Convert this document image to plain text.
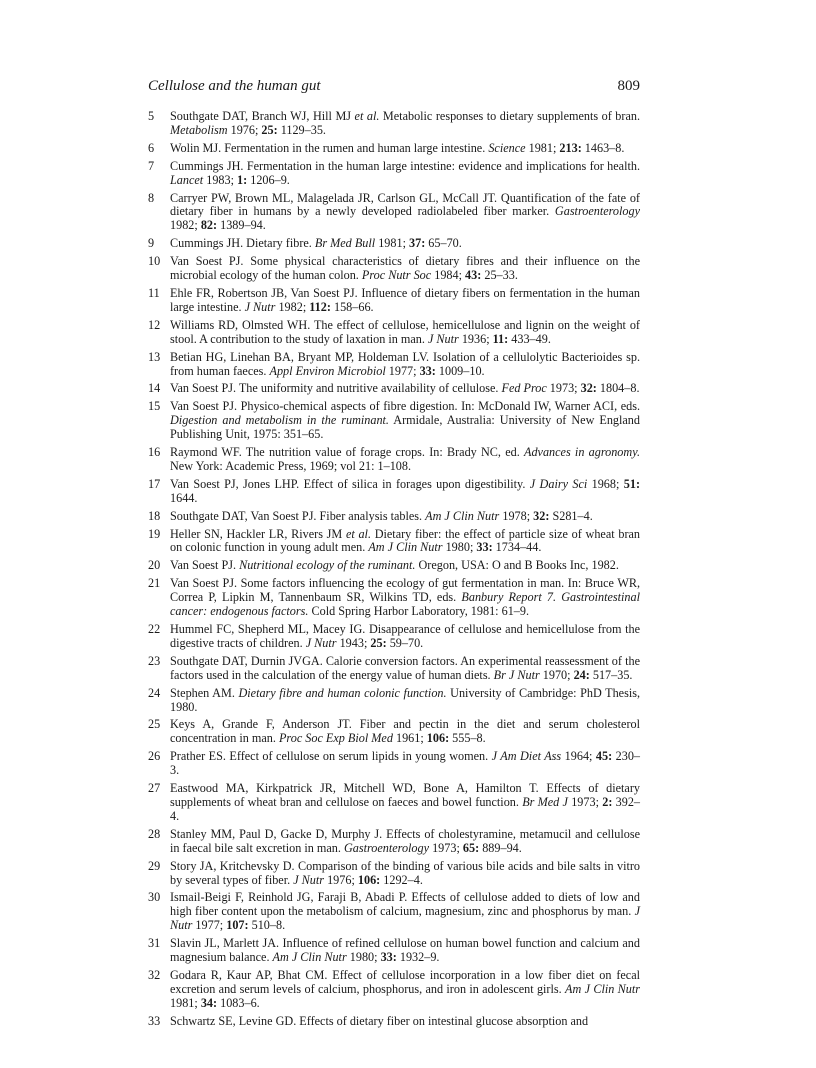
Cellulose and the human gut	809
5	Southgate DAT, Branch WJ, Hill MJ et al. Metabolic responses to dietary supplements of bran. Metabolism 1976; 25: 1129–35.
6	Wolin MJ. Fermentation in the rumen and human large intestine. Science 1981; 213: 1463–8.
7	Cummings JH. Fermentation in the human large intestine: evidence and implications for health. Lancet 1983; 1: 1206–9.
8	Carryer PW, Brown ML, Malagelada JR, Carlson GL, McCall JT. Quantification of the fate of dietary fiber in humans by a newly developed radiolabeled fiber marker. Gastroenterology 1982; 82: 1389–94.
9	Cummings JH. Dietary fibre. Br Med Bull 1981; 37: 65–70.
10 Van Soest PJ. Some physical characteristics of dietary fibres and their influence on the microbial ecology of the human colon. Proc Nutr Soc 1984; 43: 25–33.
11 Ehle FR, Robertson JB, Van Soest PJ. Influence of dietary fibers on fermentation in the human large intestine. J Nutr 1982; 112: 158–66.
12 Williams RD, Olmsted WH. The effect of cellulose, hemicellulose and lignin on the weight of stool. A contribution to the study of laxation in man. J Nutr 1936; 11: 433–49.
13 Betian HG, Linehan BA, Bryant MP, Holdeman LV. Isolation of a cellulolytic Bacterioides sp. from human faeces. Appl Environ Microbiol 1977; 33: 1009–10.
14 Van Soest PJ. The uniformity and nutritive availability of cellulose. Fed Proc 1973; 32: 1804–8.
15 Van Soest PJ. Physico-chemical aspects of fibre digestion. In: McDonald IW, Warner ACI, eds. Digestion and metabolism in the ruminant. Armidale, Australia: University of New England Publishing Unit, 1975: 351–65.
16 Raymond WF. The nutrition value of forage crops. In: Brady NC, ed. Advances in agronomy. New York: Academic Press, 1969; vol 21: 1–108.
17 Van Soest PJ, Jones LHP. Effect of silica in forages upon digestibility. J Dairy Sci 1968; 51: 1644.
18 Southgate DAT, Van Soest PJ. Fiber analysis tables. Am J Clin Nutr 1978; 32: S281–4.
19 Heller SN, Hackler LR, Rivers JM et al. Dietary fiber: the effect of particle size of wheat bran on colonic function in young adult men. Am J Clin Nutr 1980; 33: 1734–44.
20 Van Soest PJ. Nutritional ecology of the ruminant. Oregon, USA: O and B Books Inc, 1982.
21 Van Soest PJ. Some factors influencing the ecology of gut fermentation in man. In: Bruce WR, Correa P, Lipkin M, Tannenbaum SR, Wilkins TD, eds. Banbury Report 7. Gastrointestinal cancer: endogenous factors. Cold Spring Harbor Laboratory, 1981: 61–9.
22 Hummel FC, Shepherd ML, Macey IG. Disappearance of cellulose and hemicellulose from the digestive tracts of children. J Nutr 1943; 25: 59–70.
23 Southgate DAT, Durnin JVGA. Calorie conversion factors. An experimental reassessment of the factors used in the calculation of the energy value of human diets. Br J Nutr 1970; 24: 517–35.
24 Stephen AM. Dietary fibre and human colonic function. University of Cambridge: PhD Thesis, 1980.
25 Keys A, Grande F, Anderson JT. Fiber and pectin in the diet and serum cholesterol concentration in man. Proc Soc Exp Biol Med 1961; 106: 555–8.
26 Prather ES. Effect of cellulose on serum lipids in young women. J Am Diet Ass 1964; 45: 230–3.
27 Eastwood MA, Kirkpatrick JR, Mitchell WD, Bone A, Hamilton T. Effects of dietary supplements of wheat bran and cellulose on faeces and bowel function. Br Med J 1973; 2: 392–4.
28 Stanley MM, Paul D, Gacke D, Murphy J. Effects of cholestyramine, metamucil and cellulose in faecal bile salt excretion in man. Gastroenterology 1973; 65: 889–94.
29 Story JA, Kritchevsky D. Comparison of the binding of various bile acids and bile salts in vitro by several types of fiber. J Nutr 1976; 106: 1292–4.
30 Ismail-Beigi F, Reinhold JG, Faraji B, Abadi P. Effects of cellulose added to diets of low and high fiber content upon the metabolism of calcium, magnesium, zinc and phosphorus by man. J Nutr 1977; 107: 510–8.
31 Slavin JL, Marlett JA. Influence of refined cellulose on human bowel function and calcium and magnesium balance. Am J Clin Nutr 1980; 33: 1932–9.
32 Godara R, Kaur AP, Bhat CM. Effect of cellulose incorporation in a low fiber diet on fecal excretion and serum levels of calcium, phosphorus, and iron in adolescent girls. Am J Clin Nutr 1981; 34: 1083–6.
33 Schwartz SE, Levine GD. Effects of dietary fiber on intestinal glucose absorption and
